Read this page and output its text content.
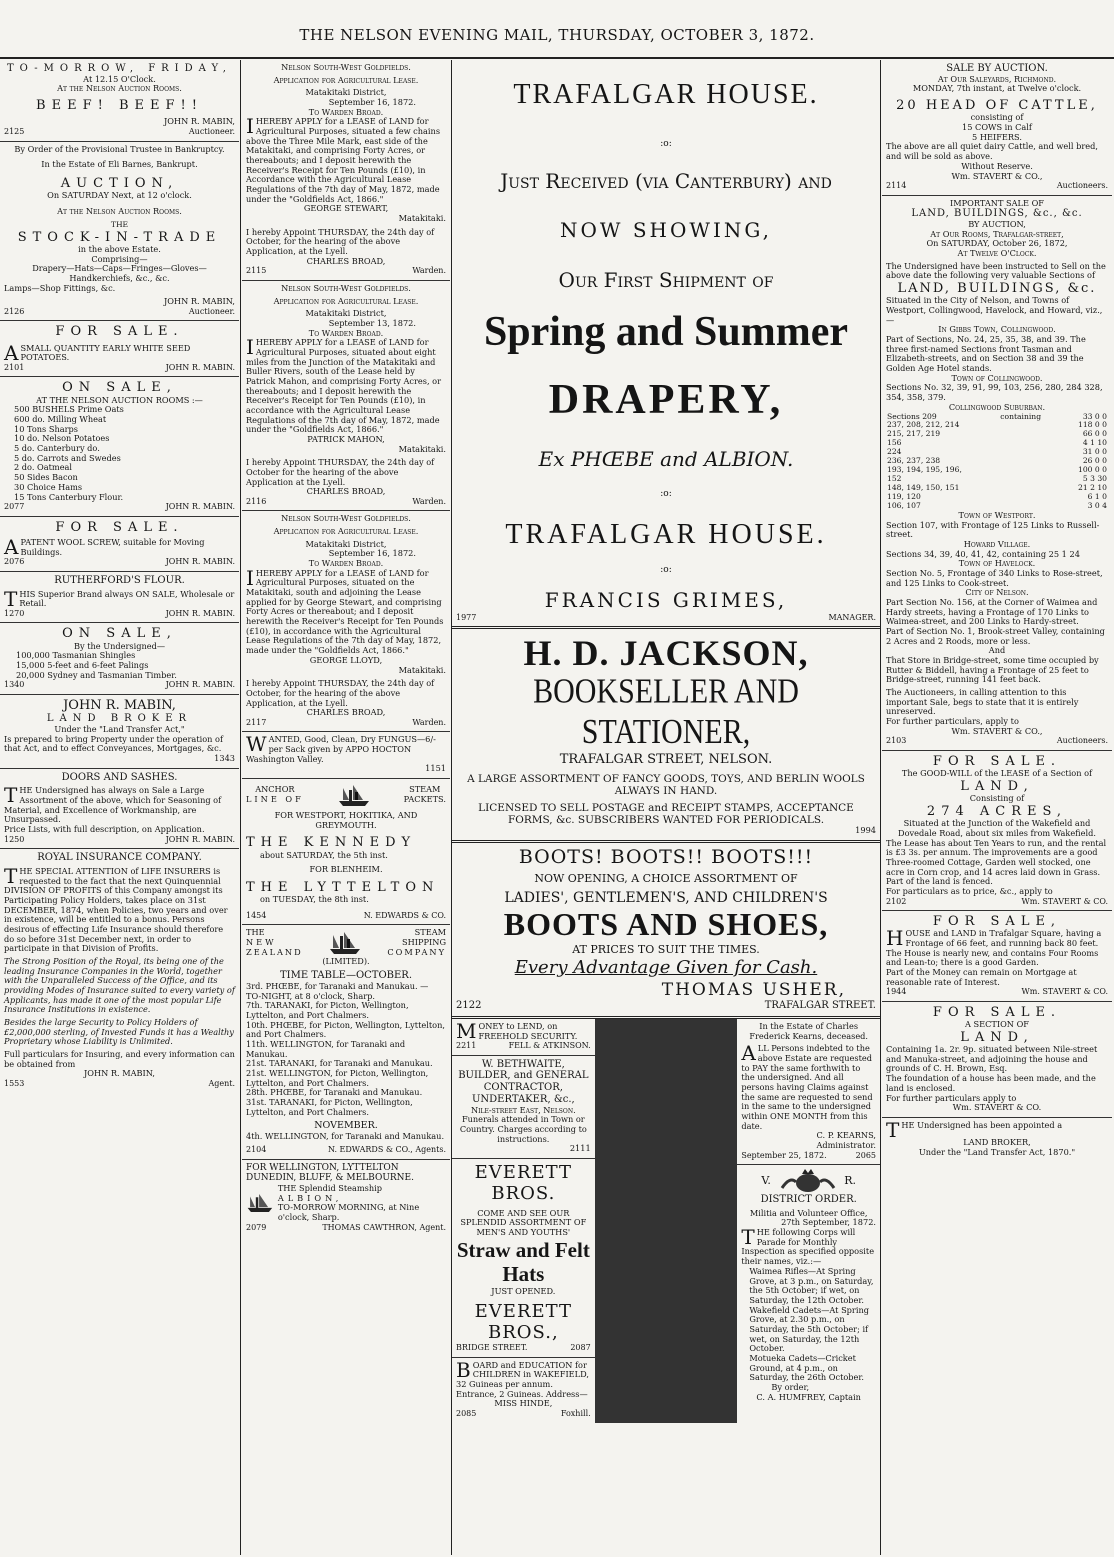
THE NELSON EVENING MAIL, THURSDAY, OCTOBER 3, 1872.
TO-MORROW, FRIDAY,
At 12.15 O'Clock.
At the Nelson Auction Rooms.
BEEF! BEEF!!
JOHN R. MABIN,
2125	Auctioneer.
By Order of the Provisional Trustee in Bankruptcy.
In the Estate of Eli Barnes, Bankrupt.
AUCTION,
On SATURDAY Next, at 12 o'clock.
At the Nelson Auction Rooms.
THE
STOCK-IN-TRADE
in the above Estate.
Comprising—
Drapery—Hats—Caps—Fringes—Gloves—Handkerchiefs, &c., &c.
Lamps—Shop Fittings, &c.
JOHN R. MABIN,
2126	Auctioneer.
FOR SALE.
ASMALL QUANTITY EARLY WHITE SEED POTATOES.
2101	JOHN R. MABIN.
ON SALE,
AT THE NELSON AUCTION ROOMS :—
500 BUSHELS Prime Oats
600 do. Milling Wheat
10 Tons Sharps
10 do. Nelson Potatoes
5 do. Canterbury do.
5 do. Carrots and Swedes
2 do. Oatmeal
50 Sides Bacon
30 Choice Hams
15 Tons Canterbury Flour.
2077	JOHN R. MABIN.
FOR SALE.
APATENT WOOL SCREW, suitable for Moving Buildings.
2076	JOHN R. MABIN.
RUTHERFORD'S FLOUR.
THIS Superior Brand always ON SALE, Wholesale or Retail.
1270	JOHN R. MABIN.
ON SALE,
By the Undersigned—
100,000 Tasmanian Shingles
15,000 5-feet and 6-feet Palings
20,000 Sydney and Tasmanian Timber.
1340	JOHN R. MABIN.
JOHN R. MABIN,
LAND BROKER
Under the "Land Transfer Act,"
Is prepared to bring Property under the operation of that Act, and to effect Conveyances, Mortgages, &c.
1343
DOORS AND SASHES.
THE Undersigned has always on Sale a Large Assortment of the above, which for Seasoning of Material, and Excellence of Workmanship, are Unsurpassed.
Price Lists, with full description, on Application.
1250	JOHN R. MABIN.
ROYAL INSURANCE COMPANY.
THE SPECIAL ATTENTION of LIFE INSURERS is requested to the fact that the next Quinquennial DIVISION OF PROFITS of this Company amongst its Participating Policy Holders, takes place on 31st DECEMBER, 1874, when Policies, two years and over in existence, will be entitled to a bonus. Persons desirous of effecting Life Insurance should therefore do so before 31st December next, in order to participate in that Division of Profits.
The Strong Position of the Royal, its being one of the leading Insurance Companies in the World, together with the Unparalleled Success of the Office, and its providing Modes of Insurance suited to every variety of Applicants, has made it one of the most popular Life Insurance Institutions in existence.
Besides the large Security to Policy Holders of £2,000,000 sterling, of Invested Funds it has a Wealthy Proprietary whose Liability is Unlimited.
Full particulars for Insuring, and every information can be obtained from
JOHN R. MABIN,
1553	Agent.
Nelson South-West Goldfields.
Application for Agricultural Lease.
Matakitaki District,
September 16, 1872.
To Warden Broad.
IHEREBY APPLY for a LEASE of LAND for Agricultural Purposes, situated a few chains above the Three Mile Mark, east side of the Matakitaki, and comprising Forty Acres, or thereabouts; and I deposit herewith the Receiver's Receipt for Ten Pounds (£10), in Accordance with the Agricultural Lease Regulations of the 7th day of May, 1872, made under the "Goldfields Act, 1866."
GEORGE STEWART,
Matakitaki.
I hereby Appoint THURSDAY, the 24th day of October, for the hearing of the above Application, at the Lyell.
CHARLES BROAD,
2115	Warden.
Nelson South-West Goldfields.
Application for Agricultural Lease.
Matakitaki District,
September 13, 1872.
To Warden Broad.
IHEREBY APPLY for a LEASE of LAND for Agricultural Purposes, situated about eight miles from the Junction of the Matakitaki and Buller Rivers, south of the Lease held by Patrick Mahon, and comprising Forty Acres, or thereabouts; and I deposit herewith the Receiver's Receipt for Ten Pounds (£10), in accordance with the Agricultural Lease Regulations of the 7th day of May, 1872, made under the "Goldfields Act, 1866."
PATRICK MAHON,
Matakitaki.
I hereby Appoint THURSDAY, the 24th day of October for the hearing of the above Application at the Lyell.
CHARLES BROAD,
2116	Warden.
Nelson South-West Goldfields.
Application for Agricultural Lease.
Matakitaki District,
September 16, 1872.
To Warden Broad.
IHEREBY APPLY for a LEASE of LAND for Agricultural Purposes, situated on the Matakitaki, south and adjoining the Lease applied for by George Stewart, and comprising Forty Acres or thereabout; and I deposit herewith the Receiver's Receipt for Ten Pounds (£10), in accordance with the Agricultural Lease Regulations of the 7th day of May, 1872, made under the "Goldfields Act, 1866."
GEORGE LLOYD,
Matakitaki.
I hereby Appoint THURSDAY, the 24th day of October, for the hearing of the above Application, at the Lyell.
CHARLES BROAD,
2117	Warden.
WANTED, Good, Clean, Dry FUNGUS—6/- per Sack given by APPO HOCTON Washington Valley.
1151
ANCHOR
LINE OF
STEAM
PACKETS.
FOR WESTPORT, HOKITIKA, AND GREYMOUTH.
THE KENNEDY
about SATURDAY, the 5th inst.
FOR BLENHEIM.
THE LYTTELTON
on TUESDAY, the 8th inst.
1454	N. EDWARDS & CO.
THE
NEW
ZEALAND
STEAM
SHIPPING
COMPANY
(LIMITED).
TIME TABLE—OCTOBER.
3rd. PHŒBE, for Taranaki and Manukau. — TO-NIGHT, at 8 o'clock, Sharp.
7th. TARANAKI, for Picton, Wellington, Lyttelton, and Port Chalmers.
10th. PHŒBE, for Picton, Wellington, Lyttelton, and Port Chalmers.
11th. WELLINGTON, for Taranaki and Manukau.
21st. TARANAKI, for Taranaki and Manukau.
21st. WELLINGTON, for Picton, Wellington, Lyttelton, and Port Chalmers.
28th. PHŒBE, for Taranaki and Manukau.
31st. TARANAKI, for Picton, Wellington, Lyttelton, and Port Chalmers.
NOVEMBER.
4th. WELLINGTON, for Taranaki and Manukau.
2104	N. EDWARDS & CO., Agents.
FOR WELLINGTON, LYTTELTON DUNEDIN, BLUFF, & MELBOURNE.
THE Splendid Steamship
ALBION,
TO-MORROW MORNING, at Nine o'clock, Sharp.
2079	THOMAS CAWTHRON, Agent.
TRAFALGAR HOUSE.
:o:
Just Received (via Canterbury) and
NOW SHOWING,
Our First Shipment of
Spring and Summer
DRAPERY,
Ex PHŒBE and ALBION.
:o:
TRAFALGAR HOUSE.
:o:
FRANCIS GRIMES,
1977	MANAGER.
H. D. JACKSON,
BOOKSELLER AND STATIONER,
TRAFALGAR STREET, NELSON.
A LARGE ASSORTMENT OF FANCY GOODS, TOYS, AND BERLIN WOOLS ALWAYS IN HAND.
LICENSED TO SELL POSTAGE and RECEIPT STAMPS, ACCEPTANCE FORMS, &c. SUBSCRIBERS WANTED FOR PERIODICALS.
1994
BOOTS! BOOTS!! BOOTS!!!
NOW OPENING, A CHOICE ASSORTMENT OF
LADIES', GENTLEMEN'S, AND CHILDREN'S
BOOTS AND SHOES,
AT PRICES TO SUIT THE TIMES.
Every Advantage Given for Cash.
THOMAS USHER,
2122	TRAFALGAR STREET.
MONEY to LEND, on FREEHOLD SECURITY.
2211	FELL & ATKINSON.
W. BETHWAITE, BUILDER, and GENERAL CONTRACTOR, UNDERTAKER, &c.,
Nile-street East, Nelson.
Funerals attended in Town or Country. Charges according to instructions.
2111
EVERETT BROS.
COME AND SEE OUR SPLENDID ASSORTMENT OF
MEN'S AND YOUTHS'
Straw and Felt Hats
JUST OPENED.
EVERETT BROS.,
BRIDGE STREET.	2087
BOARD and EDUCATION for CHILDREN in WAKEFIELD, 32 Guineas per annum. Entrance, 2 Guineas. Address—
MISS HINDE,
2085	Foxhill.
In the Estate of Charles Frederick Kearns, deceased.
ALL Persons indebted to the above Estate are requested to PAY the same forthwith to the undersigned. And all persons having Claims against the same are requested to send in the same to the undersigned within ONE MONTH from this date.
C. P. KEARNS,
Administrator.
September 25, 1872.	2065
V.	R.
DISTRICT ORDER.
Militia and Volunteer Office,
27th September, 1872.
THE following Corps will Parade for Monthly Inspection as specified opposite their names, viz.:—
Waimea Rifles—At Spring Grove, at 3 p.m., on Saturday, the 5th October; if wet, on Saturday, the 12th October.
Wakefield Cadets—At Spring Grove, at 2.30 p.m., on Saturday, the 5th October; if wet, on Saturday, the 12th October.
Motueka Cadets—Cricket Ground, at 4 p.m., on Saturday, the 26th October.
By order,
C. A. HUMFREY, Captain
SALE BY AUCTION.
At Our Saleyards, Richmond.
MONDAY, 7th instant, at Twelve o'clock.
20 HEAD OF CATTLE,
consisting of
15 COWS in Calf
5 HEIFERS.
The above are all quiet dairy Cattle, and well bred, and will be sold as above.
Without Reserve.
Wm. STAVERT & CO.,
2114	Auctioneers.
IMPORTANT SALE OF
LAND, BUILDINGS, &c., &c.
BY AUCTION,
At Our Rooms, Trafalgar-street,
On SATURDAY, October 26, 1872,
At Twelve O'Clock.
The Undersigned have been instructed to Sell on the above date the following very valuable Sections of
LAND, BUILDINGS, &c.
Situated in the City of Nelson, and Towns of Westport, Collingwood, Havelock, and Howard, viz.,—
In Gibbs Town, Collingwood.
Part of Sections, No. 24, 25, 35, 38, and 39. The three first-named Sections front Tasman and Elizabeth-streets, and on Section 38 and 39 the Golden Age Hotel stands.
Town of Collingwood.
Sections No. 32, 39, 91, 99, 103, 256, 280, 284 328, 354, 358, 379.
Collingwood Suburban.
Sections 209	containing	33 0 0
237, 208, 212, 214		118 0 0
215, 217, 219		66 0 0
156		4 1 10
224		31 0 0
236, 237, 238		26 0 0
193, 194, 195, 196,		100 0 0
152		5 3 30
148, 149, 150, 151		21 2 10
119, 120		6 1 0
106, 107		3 0 4
Town of Westport.
Section 107, with Frontage of 125 Links to Russell-street.
Howard Village.
Sections 34, 39, 40, 41, 42, containing 25 1 24
Town of Havelock.
Section No. 5, Frontage of 340 Links to Rose-street, and 125 Links to Cook-street.
City of Nelson.
Part Section No. 156, at the Corner of Waimea and Hardy streets, having a Frontage of 170 Links to Waimea-street, and 200 Links to Hardy-street.
Part of Section No. 1, Brook-street Valley, containing 2 Acres and 2 Roods, more or less.
And
That Store in Bridge-street, some time occupied by Rutter & Biddell, having a Frontage of 25 feet to Bridge-street, running 141 feet back.
The Auctioneers, in calling attention to this important Sale, begs to state that it is entirely unreserved.
For further particulars, apply to
Wm. STAVERT & CO.,
2103	Auctioneers.
FOR SALE.
The GOOD-WILL of the LEASE of a Section of
LAND,
Consisting of
274 ACRES,
Situated at the Junction of the Wakefield and Dovedale Road, about six miles from Wakefield.
The Lease has about Ten Years to run, and the rental is £3 3s. per annum. The improvements are a good Three-roomed Cottage, Garden well stocked, one acre in Corn crop, and 14 acres laid down in Grass. Part of the land is fenced.
For particulars as to price, &c., apply to
2102	Wm. STAVERT & CO.
FOR SALE,
HOUSE and LAND in Trafalgar Square, having a Frontage of 66 feet, and running back 80 feet.
The House is nearly new, and contains Four Rooms and Lean-to; there is a good Garden.
Part of the Money can remain on Mortgage at reasonable rate of Interest.
1944	Wm. STAVERT & CO.
FOR SALE.
A SECTION OF
LAND,
Containing 1a. 2r. 9p. situated between Nile-street and Manuka-street, and adjoining the house and grounds of C. H. Brown, Esq.
The foundation of a house has been made, and the land is enclosed.
For further particulars apply to
Wm. STAVERT & CO.
THE Undersigned has been appointed a
LAND BROKER,
Under the "Land Transfer Act, 1870."
